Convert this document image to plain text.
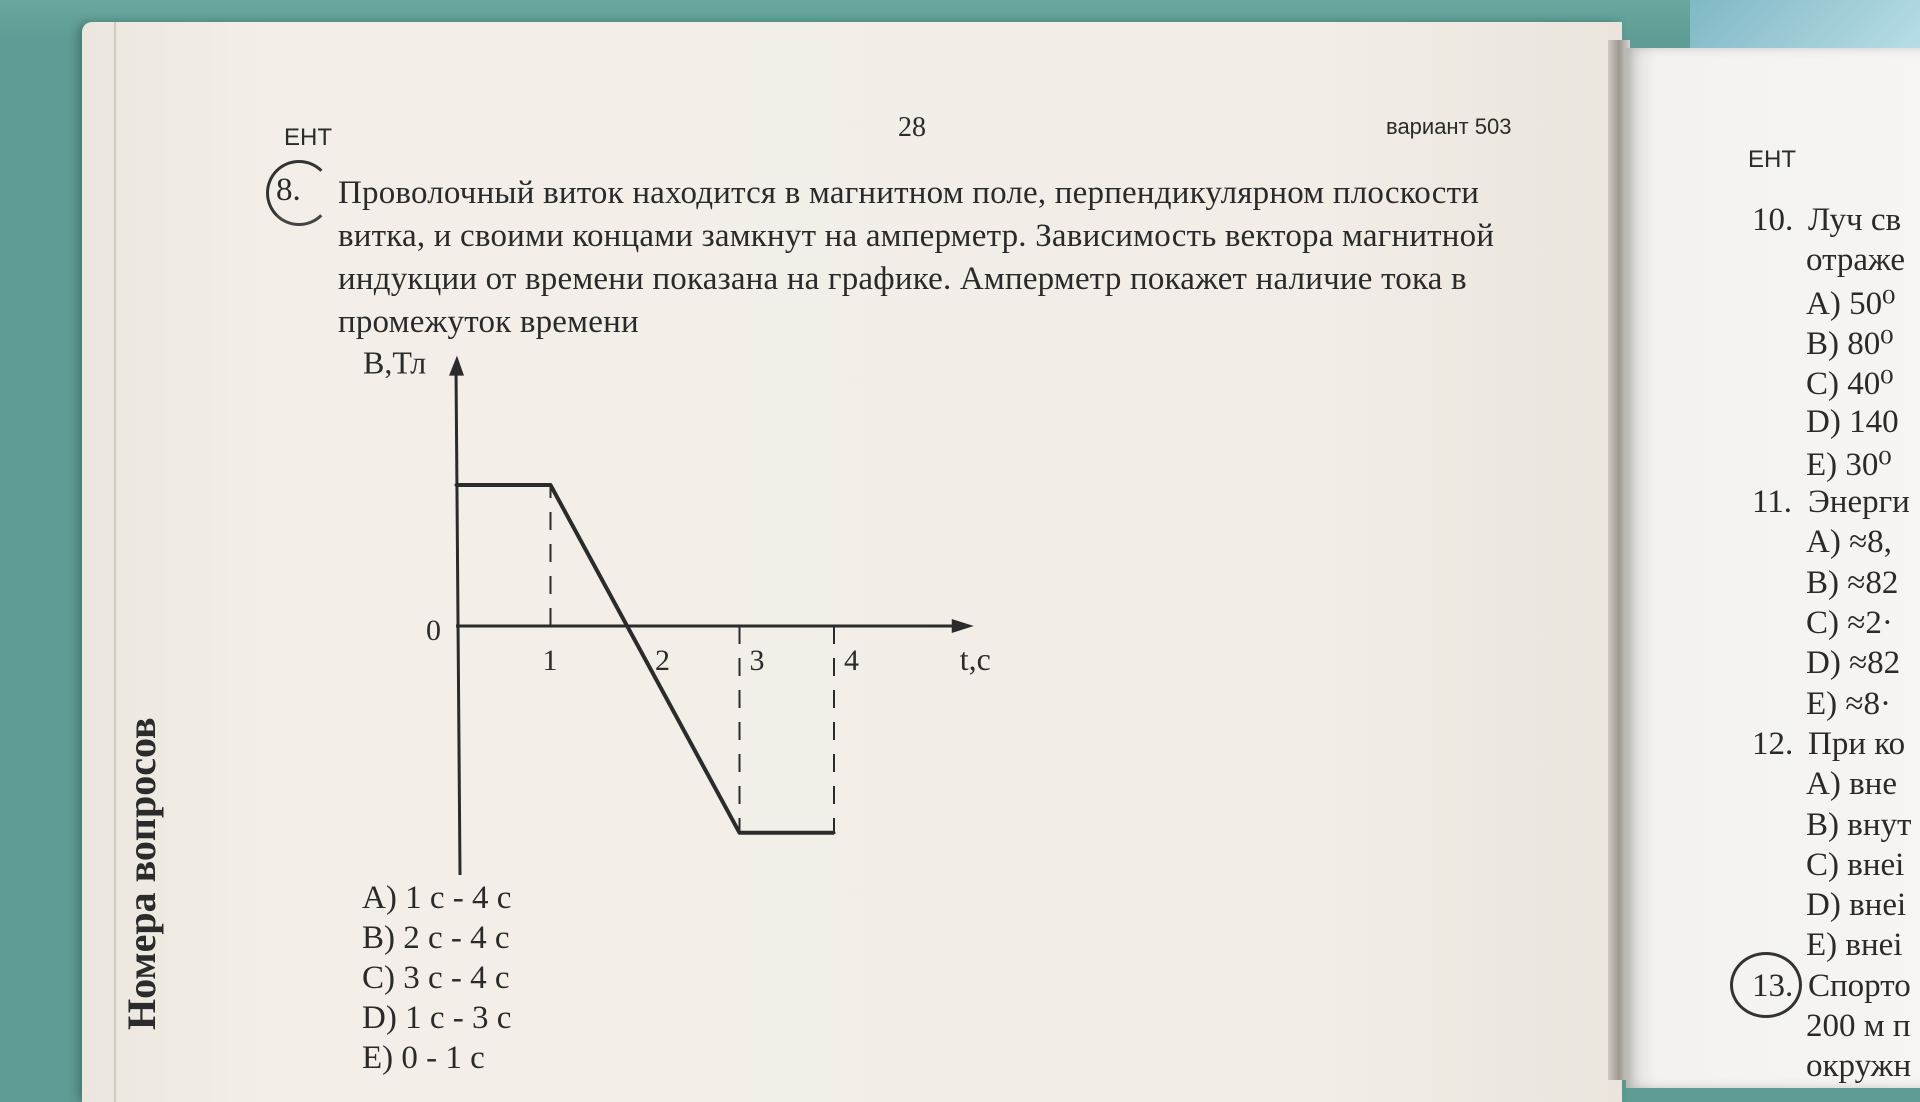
ЕНТ	28	вариант 503
ЕНТ
8. Проволочный виток находится в магнитном поле, перпендикулярном плоскости витка, и своими концами замкнут на амперметр. Зависимость вектора магнитной индукции от времени показана на графике. Амперметр покажет наличие тока в промежуток времени
1	2	3	4
0
t,c
B,Тл
A) 1 с - 4 с
B) 2 с - 4 с
C) 3 с - 4 с
D) 1 с - 3 с
E) 0 - 1 с
Номера вопросов
10. Луч св
отраже
A) 50⁰
B) 80⁰
C) 40⁰
D) 140
E) 30⁰
11. Энерги
A) ≈8,
B) ≈82
C) ≈2·
D) ≈82
E) ≈8·
12. При ко
A) вне
B) внут
C) внеі
D) внеі
E) внеі
13. Спорто
200 м п
окружн
